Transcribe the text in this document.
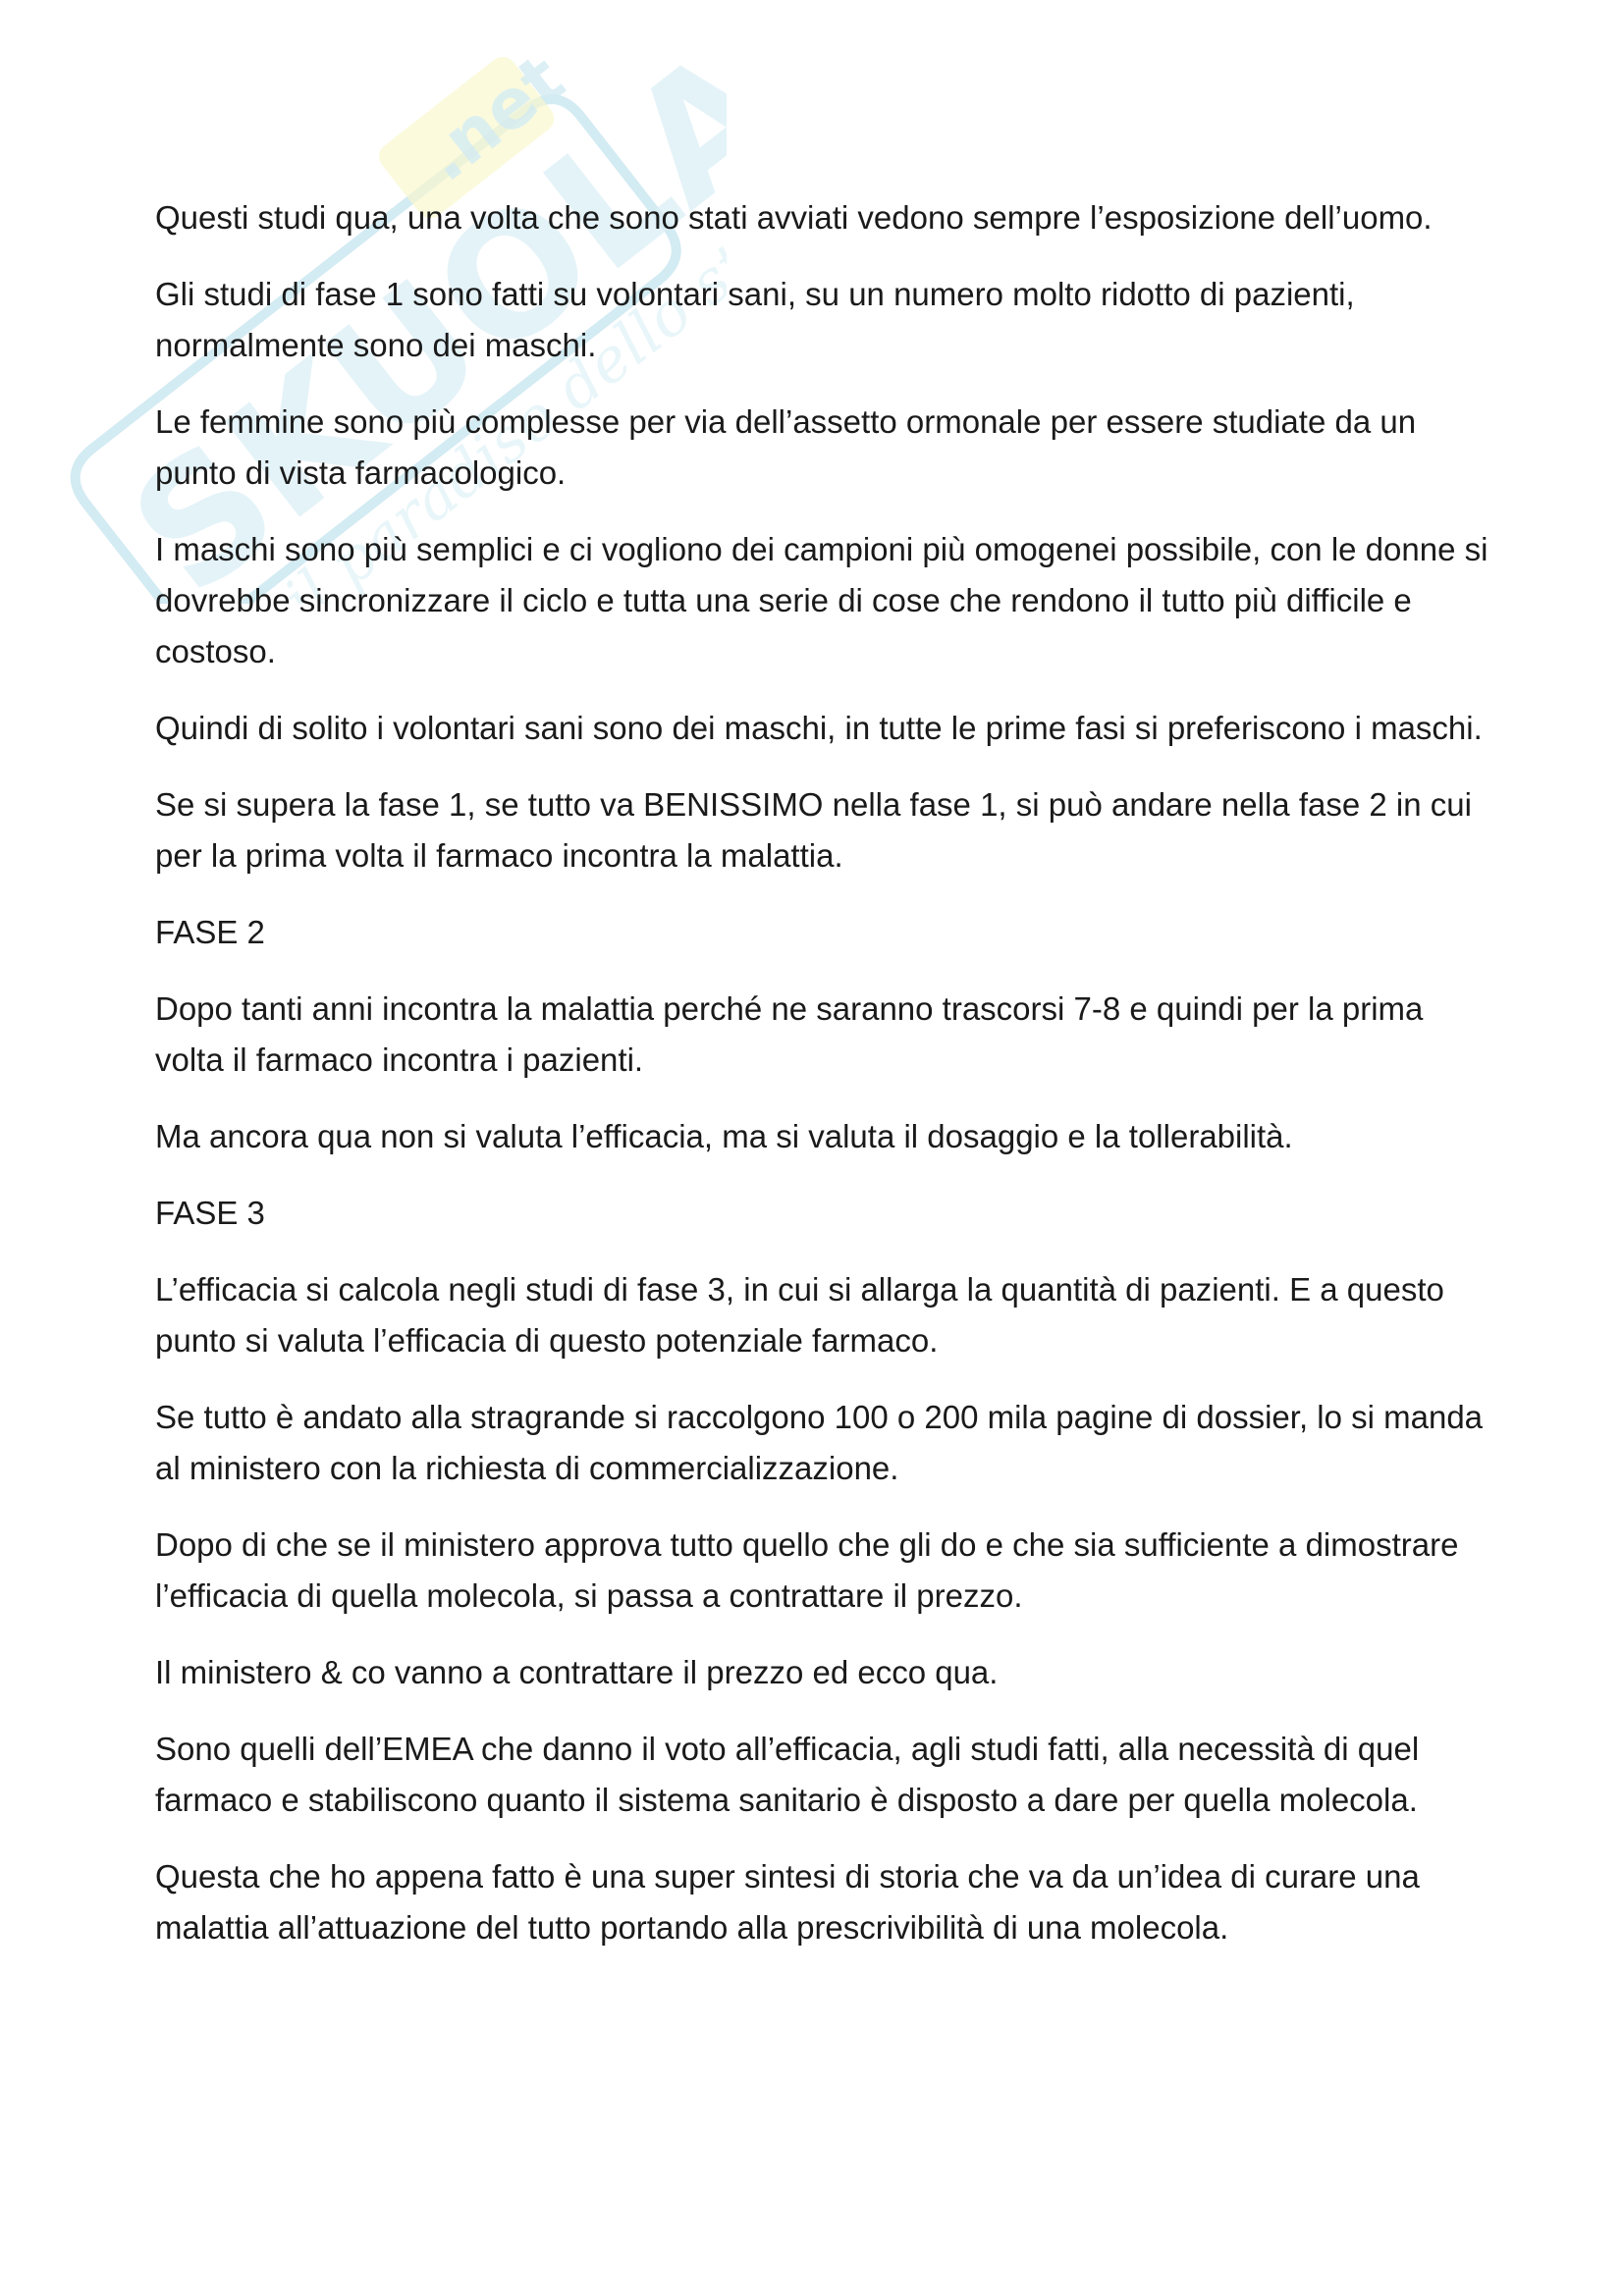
SKUOLA
.net
il paradiso dello studente

Questi studi qua, una volta che sono stati avviati vedono sempre l’esposizione dell’uomo.

Gli studi di fase 1 sono fatti su volontari sani, su un numero molto ridotto di pazienti, normalmente sono dei maschi.

Le femmine sono più complesse per via dell’assetto ormonale per essere studiate da un punto di vista farmacologico.

I maschi sono più semplici e ci vogliono dei campioni più omogenei possibile, con le donne si dovrebbe sincronizzare il ciclo e tutta una serie di cose che rendono il tutto più difficile e costoso.

Quindi di solito i volontari sani sono dei maschi, in tutte le prime fasi si preferiscono i maschi.

Se si supera la fase 1, se tutto va BENISSIMO nella fase 1, si può andare nella fase 2 in cui per la prima volta il farmaco incontra la malattia.

FASE 2

Dopo tanti anni incontra la malattia perché ne saranno trascorsi 7-8 e quindi per la prima volta il farmaco incontra i pazienti.

Ma ancora qua non si valuta l’efficacia, ma si valuta il dosaggio e la tollerabilità.

FASE 3

L’efficacia si calcola negli studi di fase 3, in cui si allarga la quantità di pazienti. E a questo punto si valuta l’efficacia di questo potenziale farmaco.

Se tutto è andato alla stragrande si raccolgono 100 o 200 mila pagine di dossier, lo si manda al ministero con la richiesta di commercializzazione.

Dopo di che se il ministero approva tutto quello che gli do e che sia sufficiente a dimostrare l’efficacia di quella molecola, si passa a contrattare il prezzo.

Il ministero & co vanno a contrattare il prezzo ed ecco qua.

Sono quelli dell’EMEA che danno il voto all’efficacia, agli studi fatti, alla necessità di quel farmaco e stabiliscono quanto il sistema sanitario è disposto a dare per quella molecola.

Questa che ho appena fatto è una super sintesi di storia che va da un’idea di curare una malattia all’attuazione del tutto portando alla prescrivibilità di una molecola.
